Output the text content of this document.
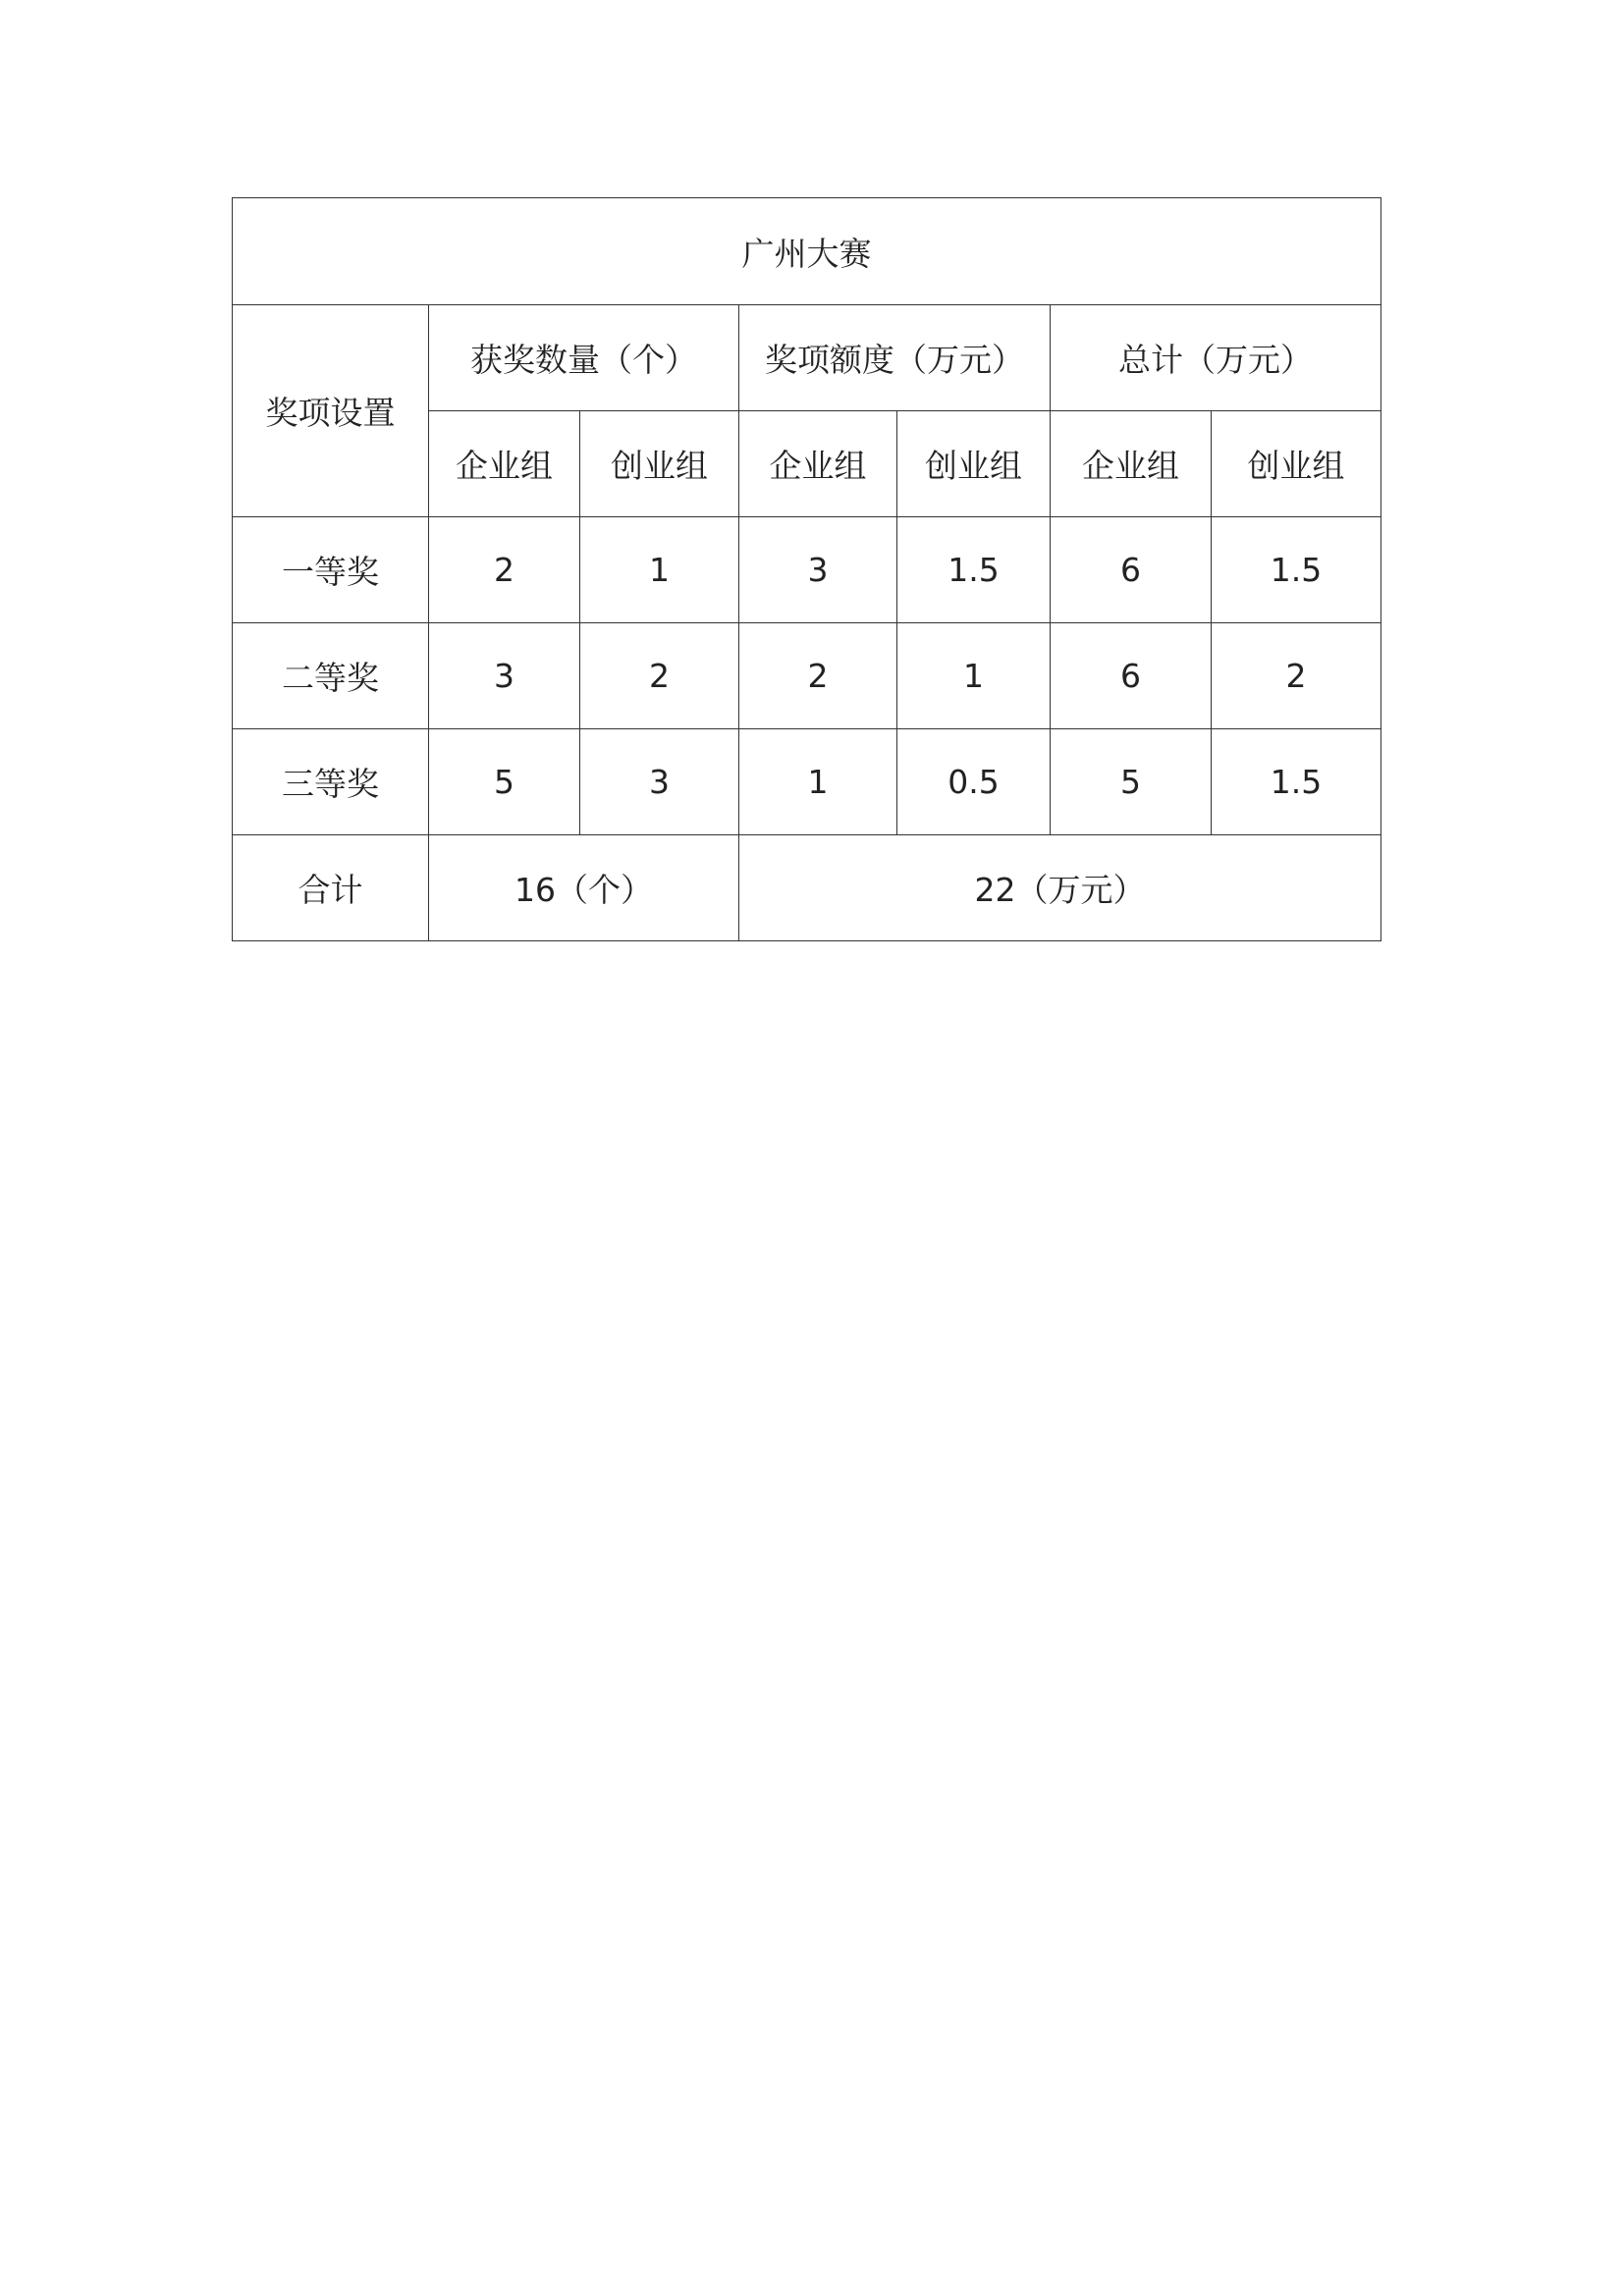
广州大赛						
奖项设置	获奖数量（个）		奖项额度（万元）		总计（万元）	
	企业组	创业组	企业组	创业组	企业组	创业组
一等奖	2	1	3	1.5	6	1.5
二等奖	3	2	2	1	6	2
三等奖	5	3	1	0.5	5	1.5
合计	16（个）		22（万元）			
